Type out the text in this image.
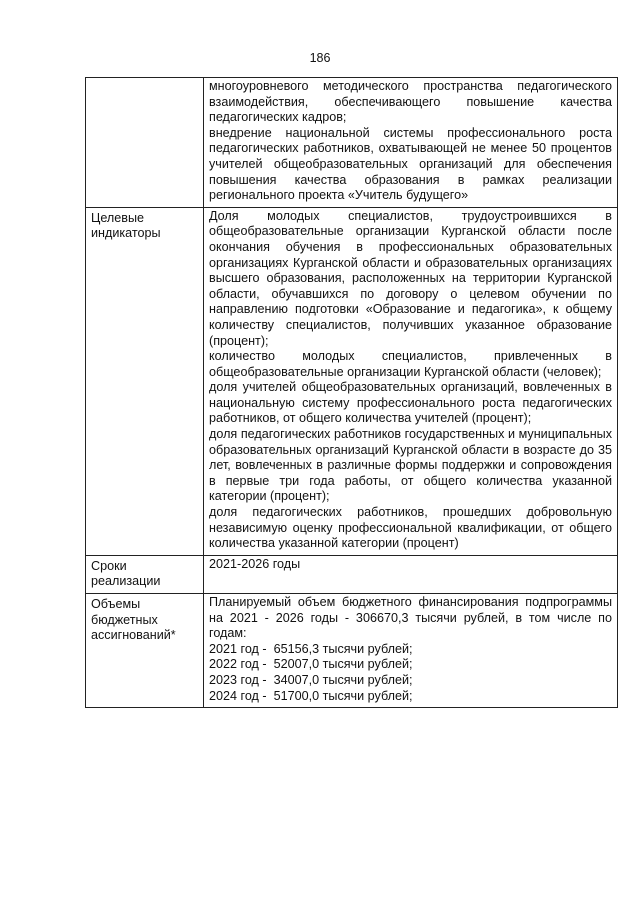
186

	многоуровневого методического пространства педагогического взаимодействия, обеспечивающего повышение качества педагогических кадров;
внедрение национальной системы профессионального роста педагогических работников, охватывающей не менее 50 процентов учителей общеобразовательных организаций для обеспечения повышения качества образования в рамках реализации регионального проекта «Учитель будущего»

Целевые индикаторы	Доля молодых специалистов, трудоустроившихся в общеобразовательные организации Курганской области после окончания обучения в профессиональных образовательных организациях Курганской области и образовательных организациях высшего образования, расположенных на территории Курганской области, обучавшихся по договору о целевом обучении по направлению подготовки «Образование и педагогика», к общему количеству специалистов, получивших указанное образование (процент);
количество молодых специалистов, привлеченных в общеобразовательные организации Курганской области (человек);
доля учителей общеобразовательных организаций, вовлеченных в национальную систему профессионального роста педагогических работников, от общего количества учителей (процент);
доля педагогических работников государственных и муниципальных образовательных организаций Курганской области в возрасте до 35 лет, вовлеченных в различные формы поддержки и сопровождения в первые три года работы, от общего количества указанной категории (процент);
доля педагогических работников, прошедших добровольную независимую оценку профессиональной квалификации, от общего количества указанной категории (процент)

Сроки реализации	2021-2026 годы

Объемы бюджетных ассигнований*	Планируемый объем бюджетного финансирования подпрограммы на 2021 - 2026 годы - 306670,3 тысячи рублей, в том числе по годам:
2021 год -  65156,3 тысячи рублей;
2022 год -  52007,0 тысячи рублей;
2023 год -  34007,0 тысячи рублей;
2024 год -  51700,0 тысячи рублей;
